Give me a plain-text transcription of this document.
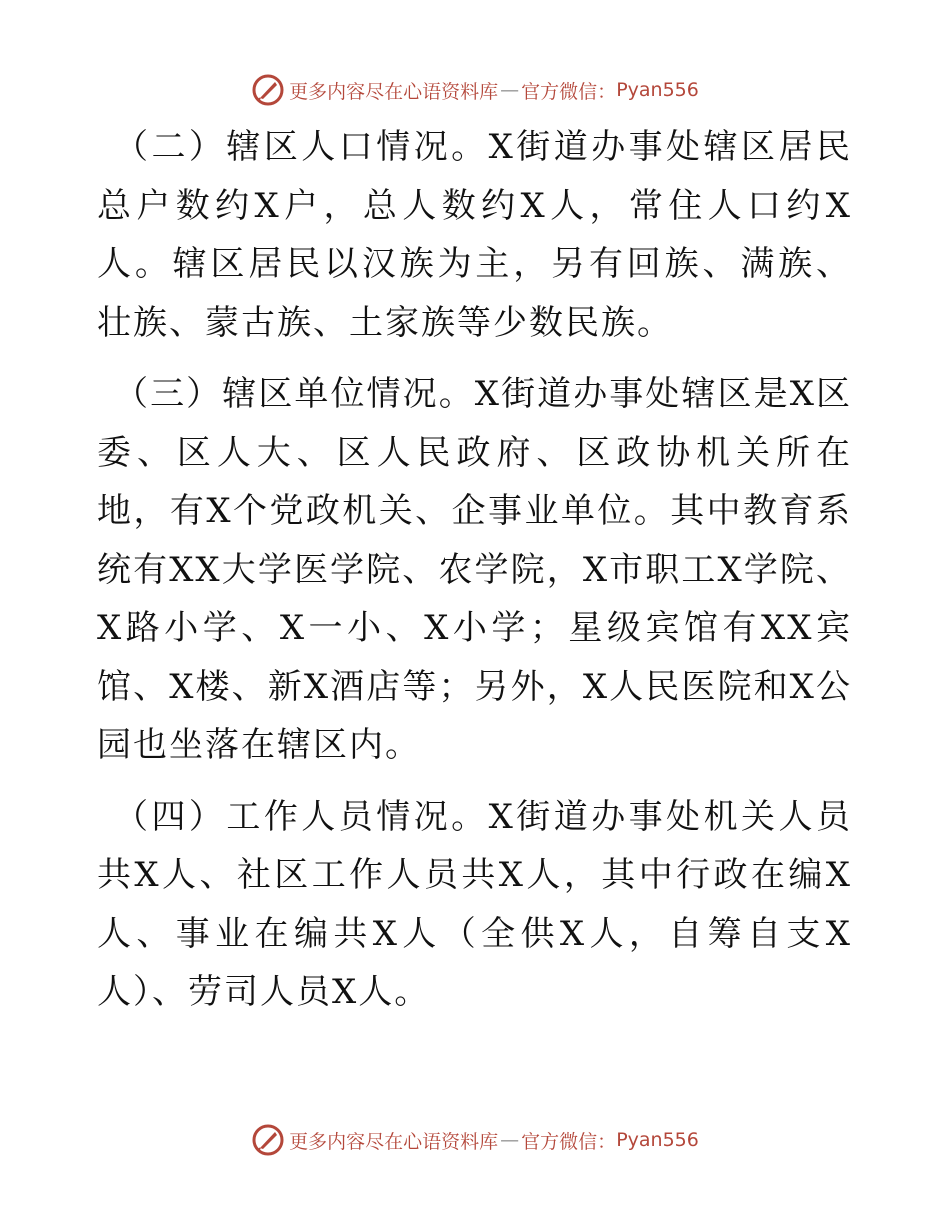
更多内容尽在心语资料库 — 官方微信： Pyan556

（二）辖区人口情况。X街道办事处辖区居民总户数约X户，总人数约X人，常住人口约X人。辖区居民以汉族为主，另有回族、满族、壮族、蒙古族、土家族等少数民族。

（三）辖区单位情况。X街道办事处辖区是X区委、区人大、区人民政府、区政协机关所在地，有X个党政机关、企事业单位。其中教育系统有XX大学医学院、农学院，X市职工X学院、X路小学、X一小、X小学；星级宾馆有XX宾馆、X楼、新X酒店等；另外，X人民医院和X公园也坐落在辖区内。

（四）工作人员情况。X街道办事处机关人员共X人、社区工作人员共X人，其中行政在编X人、事业在编共X人（全供X人，自筹自支X人）、劳司人员X人。

更多内容尽在心语资料库 — 官方微信： Pyan556
